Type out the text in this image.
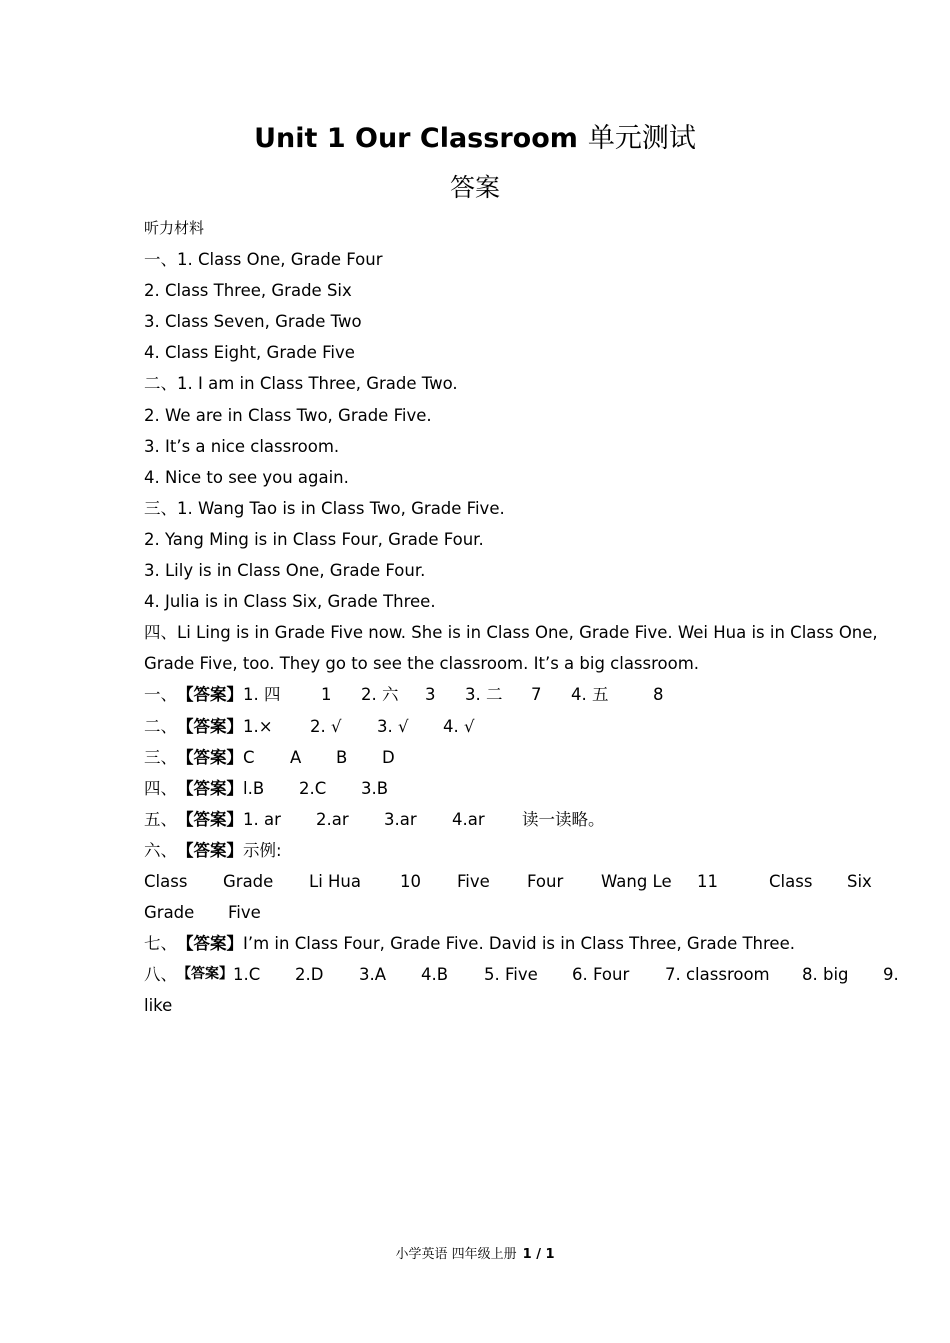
Unit 1 Our Classroom 单元测试
答案
听力材料
一、1. Class One, Grade Four
2. Class Three, Grade Six
3. Class Seven, Grade Two
4. Class Eight, Grade Five
二、1. I am in Class Three, Grade Two.
2. We are in Class Two, Grade Five.
3. It’s a nice classroom.
4. Nice to see you again.
三、1. Wang Tao is in Class Two, Grade Five.
2. Yang Ming is in Class Four, Grade Four.
3. Lily is in Class One, Grade Four.
4. Julia is in Class Six, Grade Three.
四、Li Ling is in Grade Five now. She is in Class One, Grade Five. Wei Hua is in Class One, Grade Five, too. They go to see the classroom. It’s a big classroom.
一、 【答案】 1. 四	1	2. 六	3	3. 二	7	4. 五	8
二、 【答案】 1.×	2. √	3. √	4. √
三、 【答案】 C	A	B	D
四、 【答案】 l.B	2.C	3.B
五、 【答案】 1. ar	2.ar	3.ar	4.ar	读一读略。
六、 【答案】 示例:
Class	Grade	Li Hua	10	Five	Four	Wang Le	11	Class	Six
Grade	Five
七、 【答案】 I’m in Class Four, Grade Five. David is in Class Three, Grade Three.
八、 【答案】 1.C	2.D	3.A	4.B	5. Five	6. Four	7. classroom	8. big	9.
like
小学英语 四年级上册 1 / 1
